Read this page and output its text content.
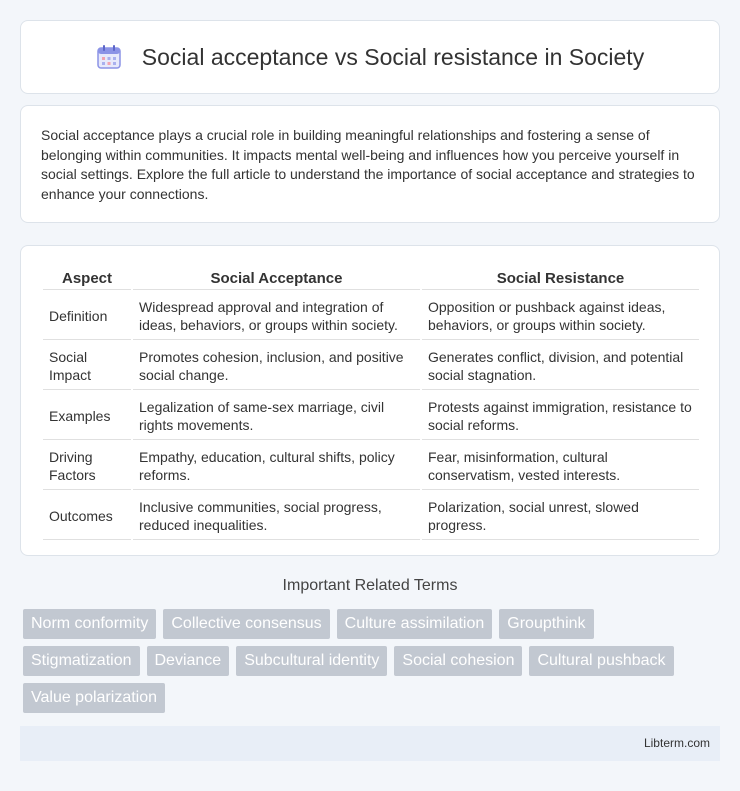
Social acceptance vs Social resistance in Society

Social acceptance plays a crucial role in building meaningful relationships and fostering a sense of belonging within communities. It impacts mental well-being and influences how you perceive yourself in social settings. Explore the full article to understand the importance of social acceptance and strategies to enhance your connections.

Aspect	Social Acceptance	Social Resistance
Definition	Widespread approval and integration of ideas, behaviors, or groups within society.	Opposition or pushback against ideas, behaviors, or groups within society.
Social Impact	Promotes cohesion, inclusion, and positive social change.	Generates conflict, division, and potential social stagnation.
Examples	Legalization of same-sex marriage, civil rights movements.	Protests against immigration, resistance to social reforms.
Driving Factors	Empathy, education, cultural shifts, policy reforms.	Fear, misinformation, cultural conservatism, vested interests.
Outcomes	Inclusive communities, social progress, reduced inequalities.	Polarization, social unrest, slowed progress.
Important Related Terms
Norm conformity	Collective consensus	Culture assimilation	Groupthink
Stigmatization	Deviance	Subcultural identity	Social cohesion	Cultural pushback
Value polarization
Libterm.com
